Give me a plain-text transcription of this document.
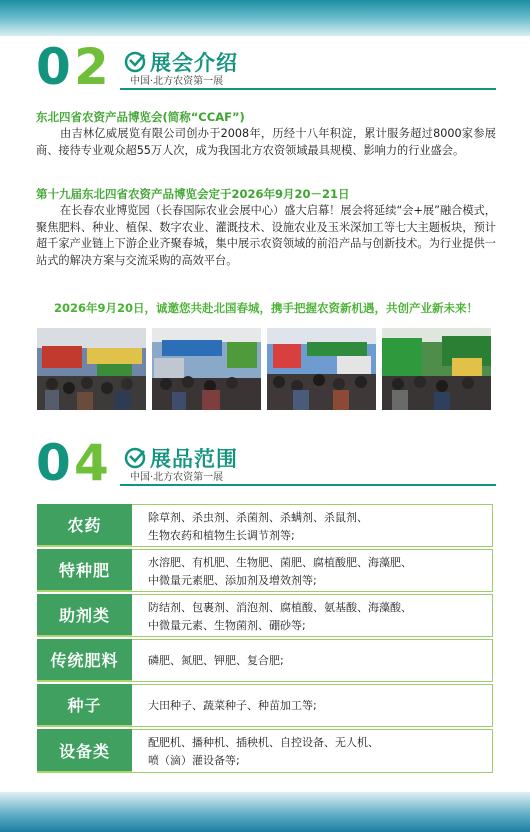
0 2 展会介绍
中国·北方农资第一展
东北四省农资产品博览会(简称“CCAF”)
由吉林亿威展览有限公司创办于2008年，历经十八年积淀，累计服务超过8000家参展商、接待专业观众超55万人次，成为我国北方农资领域最具规模、影响力的行业盛会。
第十九届东北四省农资产品博览会定于2026年9月20－21日
在长春农业博览园（长春国际农业会展中心）盛大启幕！展会将延续“会+展”融合模式，聚焦肥料、种业、植保、数字农业、灌溉技术、设施农业及玉米深加工等七大主题板块，预计超千家产业链上下游企业齐聚春城，集中展示农资领域的前沿产品与创新技术。为行业提供一站式的解决方案与交流采购的高效平台。
2026年9月20日，诚邀您共赴北国春城，携手把握农资新机遇，共创产业新未来！
0 4 展品范围
中国·北方农资第一展
农药	除草剂、杀虫剂、杀菌剂、杀螨剂、杀鼠剂、
生物农药和植物生长调节剂等;
特种肥	水溶肥、有机肥、生物肥、菌肥、腐植酸肥、海藻肥、
中微量元素肥、添加剂及增效剂等;
助剂类	防结剂、包裹剂、消泡剂、腐植酸、氨基酸、海藻酸、
中微量元素、生物菌剂、硼砂等;
传统肥料	磷肥、氮肥、钾肥、复合肥;
种子	大田种子、蔬菜种子、种苗加工等;
设备类	配肥机、播种机、插秧机、自控设备、无人机、
喷（滴）灌设备等;
